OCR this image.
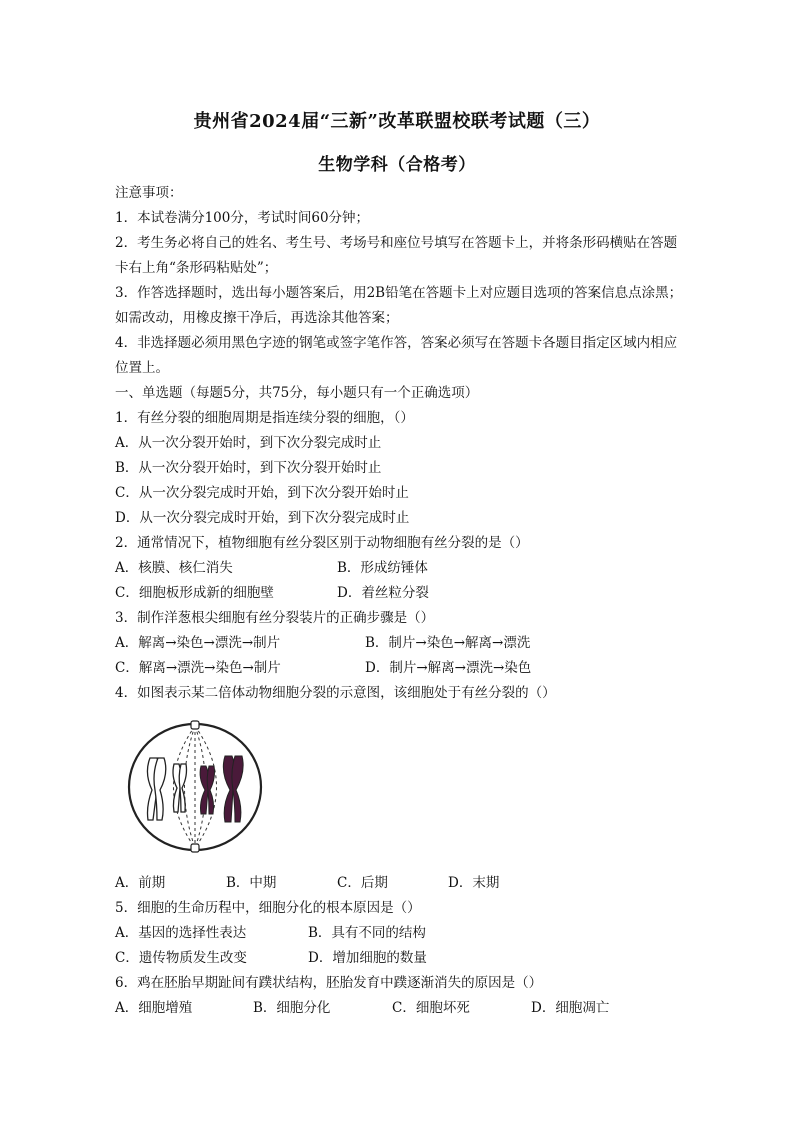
贵州省2024届“三新”改革联盟校联考试题（三）
生物学科（合格考）
注意事项：
1．本试卷满分100分，考试时间60分钟；
2．考生务必将自己的姓名、考生号、考场号和座位号填写在答题卡上，并将条形码横贴在答题
卡右上角“条形码粘贴处”；
3．作答选择题时，选出每小题答案后，用2B铅笔在答题卡上对应题目选项的答案信息点涂黑；
如需改动，用橡皮擦干净后，再选涂其他答案；
4．非选择题必须用黑色字迹的钢笔或签字笔作答，答案必须写在答题卡各题目指定区域内相应
位置上。
一、单选题（每题5分，共75分，每小题只有一个正确选项）
1．有丝分裂的细胞周期是指连续分裂的细胞，（）
A．从一次分裂开始时，到下次分裂完成时止
B．从一次分裂开始时，到下次分裂开始时止
C．从一次分裂完成时开始，到下次分裂开始时止
D．从一次分裂完成时开始，到下次分裂完成时止
2．通常情况下，植物细胞有丝分裂区别于动物细胞有丝分裂的是（）
A．核膜、核仁消失	B．形成纺锤体
C．细胞板形成新的细胞壁	D．着丝粒分裂
3．制作洋葱根尖细胞有丝分裂装片的正确步骤是（）
A．解离→染色→漂洗→制片	B．制片→染色→解离→漂洗
C．解离→漂洗→染色→制片	D．制片→解离→漂洗→染色
4．如图表示某二倍体动物细胞分裂的示意图，该细胞处于有丝分裂的（）
A．前期	B．中期	C．后期	D．末期
5．细胞的生命历程中，细胞分化的根本原因是（）
A．基因的选择性表达	B．具有不同的结构
C．遗传物质发生改变	D．增加细胞的数量
6．鸡在胚胎早期趾间有蹼状结构，胚胎发育中蹼逐渐消失的原因是（）
A．细胞增殖	B．细胞分化	C．细胞坏死	D．细胞凋亡
